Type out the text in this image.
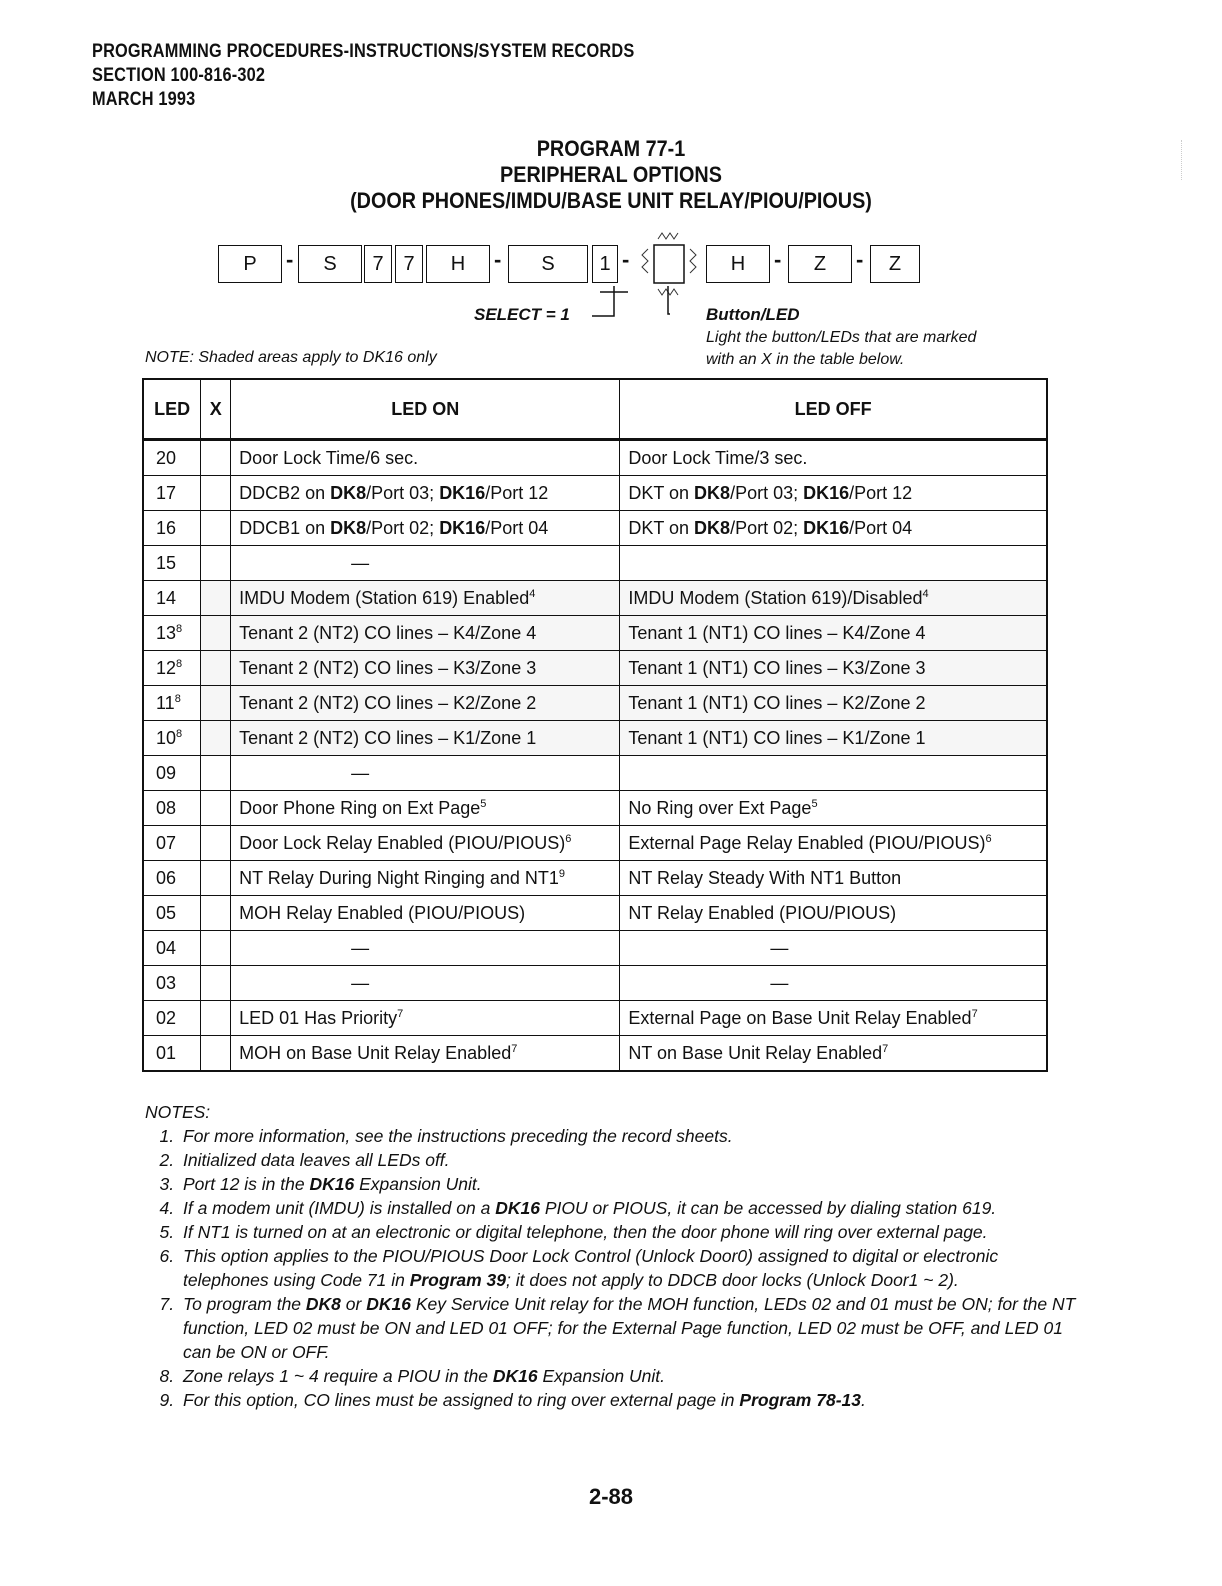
PROGRAMMING PROCEDURES-INSTRUCTIONS/SYSTEM RECORDS
SECTION 100-816-302
MARCH 1993
PROGRAM 77-1
PERIPHERAL OPTIONS
(DOOR PHONES/IMDU/BASE UNIT RELAY/PIOU/PIOUS)
P	-	S	7 7	H	-	S	1 -	H	-	Z	-	Z
SELECT = 1	Button/LED
Light the button/LEDs that are marked
with an X in the table below.
NOTE: Shaded areas apply to DK16 only
LED	X	LED ON	LED OFF
20		Door Lock Time/6 sec.	Door Lock Time/3 sec.
17		DDCB2 on DK8/Port 03; DK16/Port 12	DKT on DK8/Port 03; DK16/Port 12
16		DDCB1 on DK8/Port 02; DK16/Port 04	DKT on DK8/Port 02; DK16/Port 04
15		—	
14		IMDU Modem (Station 619) Enabled$^4$	IMDU Modem (Station 619)/Disabled$^4$
$13^8$		Tenant 2 (NT2) CO lines – K4/Zone 4	Tenant 1 (NT1) CO lines – K4/Zone 4
$12^8$		Tenant 2 (NT2) CO lines – K3/Zone 3	Tenant 1 (NT1) CO lines – K3/Zone 3
$11^8$		Tenant 2 (NT2) CO lines – K2/Zone 2	Tenant 1 (NT1) CO lines – K2/Zone 2
$10^8$		Tenant 2 (NT2) CO lines – K1/Zone 1	Tenant 1 (NT1) CO lines – K1/Zone 1
09		—	
08		Door Phone Ring on Ext Page$^5$	No Ring over Ext Page$^5$
07		Door Lock Relay Enabled (PIOU/PIOUS)$^6$	External Page Relay Enabled (PIOU/PIOUS)$^6$
06		NT Relay During Night Ringing and $NT1^9$	NT Relay Steady With NT1 Button
05		MOH Relay Enabled (PIOU/PIOUS)	NT Relay Enabled (PIOU/PIOUS)
04		—	—
03		—	—
02		LED 01 Has Priority$^7$	External Page on Base Unit Relay Enabled$^7$
01		MOH on Base Unit Relay Enabled$^7$	NT on Base Unit Relay Enabled$^7$
NOTES:
1. For more information, see the instructions preceding the record sheets.
2. Initialized data leaves all LEDs off.
3. Port 12 is in the DK16 Expansion Unit.
4. If a modem unit (IMDU) is installed on a DK16 PIOU or PIOUS, it can be accessed by dialing station 619.
5. If NT1 is turned on at an electronic or digital telephone, then the door phone will ring over external page.
6. This option applies to the PIOU/PIOUS Door Lock Control (Unlock Door0) assigned to digital or electronic telephones using Code 71 in Program 39; it does not apply to DDCB door locks (Unlock Door1 ~ 2).
7. To program the DK8 or DK16 Key Service Unit relay for the MOH function, LEDs 02 and 01 must be ON; for the NT function, LED 02 must be ON and LED 01 OFF; for the External Page function, LED 02 must be OFF, and LED 01 can be ON or OFF.
8. Zone relays 1 ~ 4 require a PIOU in the DK16 Expansion Unit.
9. For this option, CO lines must be assigned to ring over external page in Program 78-13.
2-88
